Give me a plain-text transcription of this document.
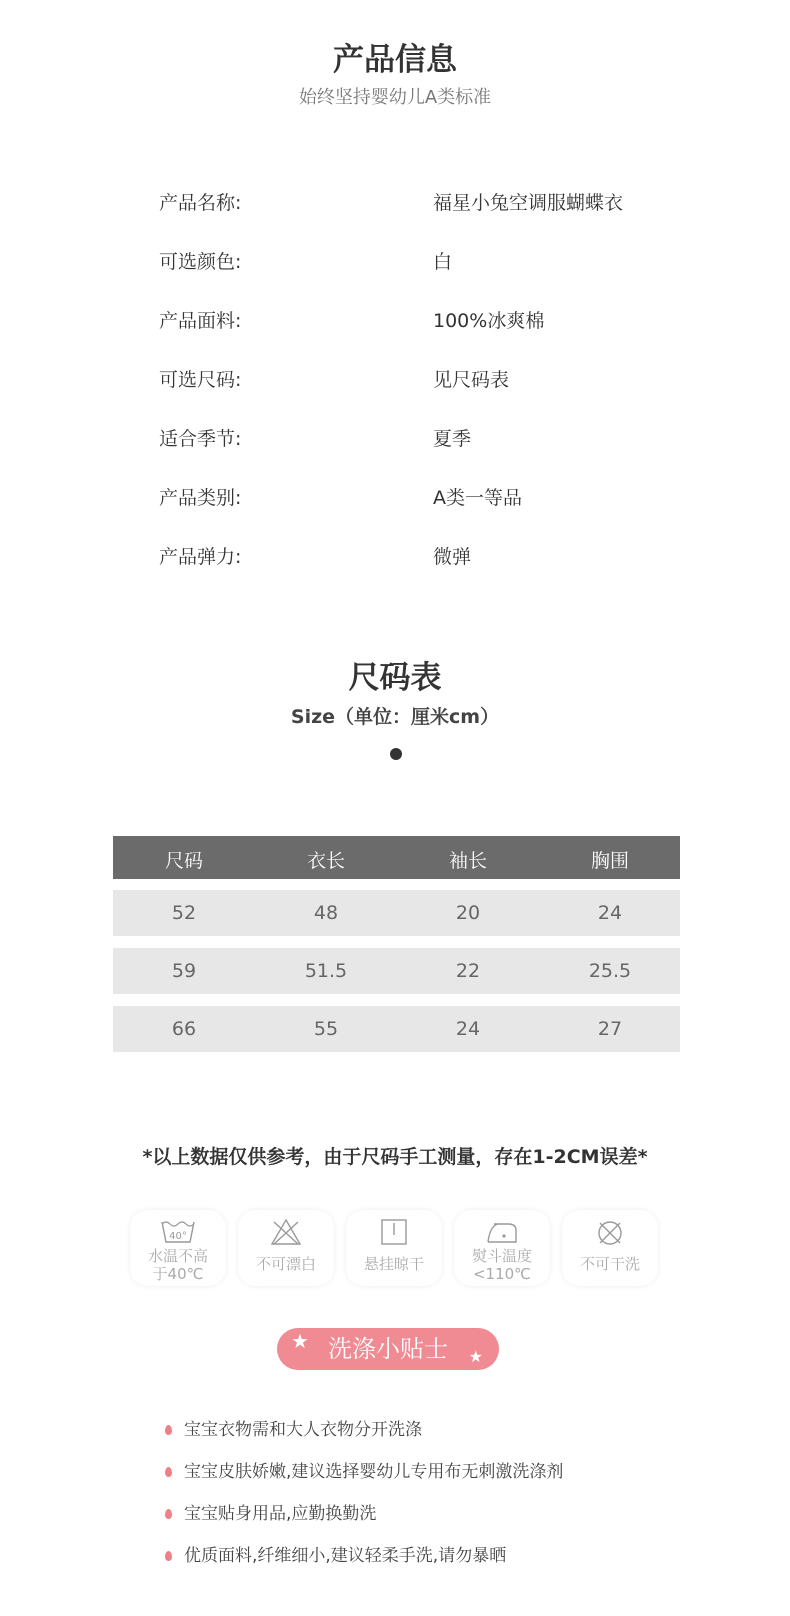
产品信息
始终坚持婴幼儿A类标准
产品名称:	福星小兔空调服蝴蝶衣
可选颜色:	白
产品面料:	100%冰爽棉
可选尺码:	见尺码表
适合季节:	夏季
产品类别:	A类一等品
产品弹力:	微弹
尺码表
Size（单位：厘米cm）
尺码	衣长	袖长	胸围
52	48	20	24
59	51.5	22	25.5
66	55	24	27
*以上数据仅供参考，由于尺码手工测量，存在1-2CM误差*
40°
水温不高
于40℃
不可漂白	悬挂晾干	熨斗温度
<110℃
不可干洗
★ 洗涤小贴士 ★
宝宝衣物需和大人衣物分开洗涤
宝宝皮肤娇嫩,建议选择婴幼儿专用布无刺激洗涤剂
宝宝贴身用品,应勤换勤洗
优质面料,纤维细小,建议轻柔手洗,请勿暴晒
